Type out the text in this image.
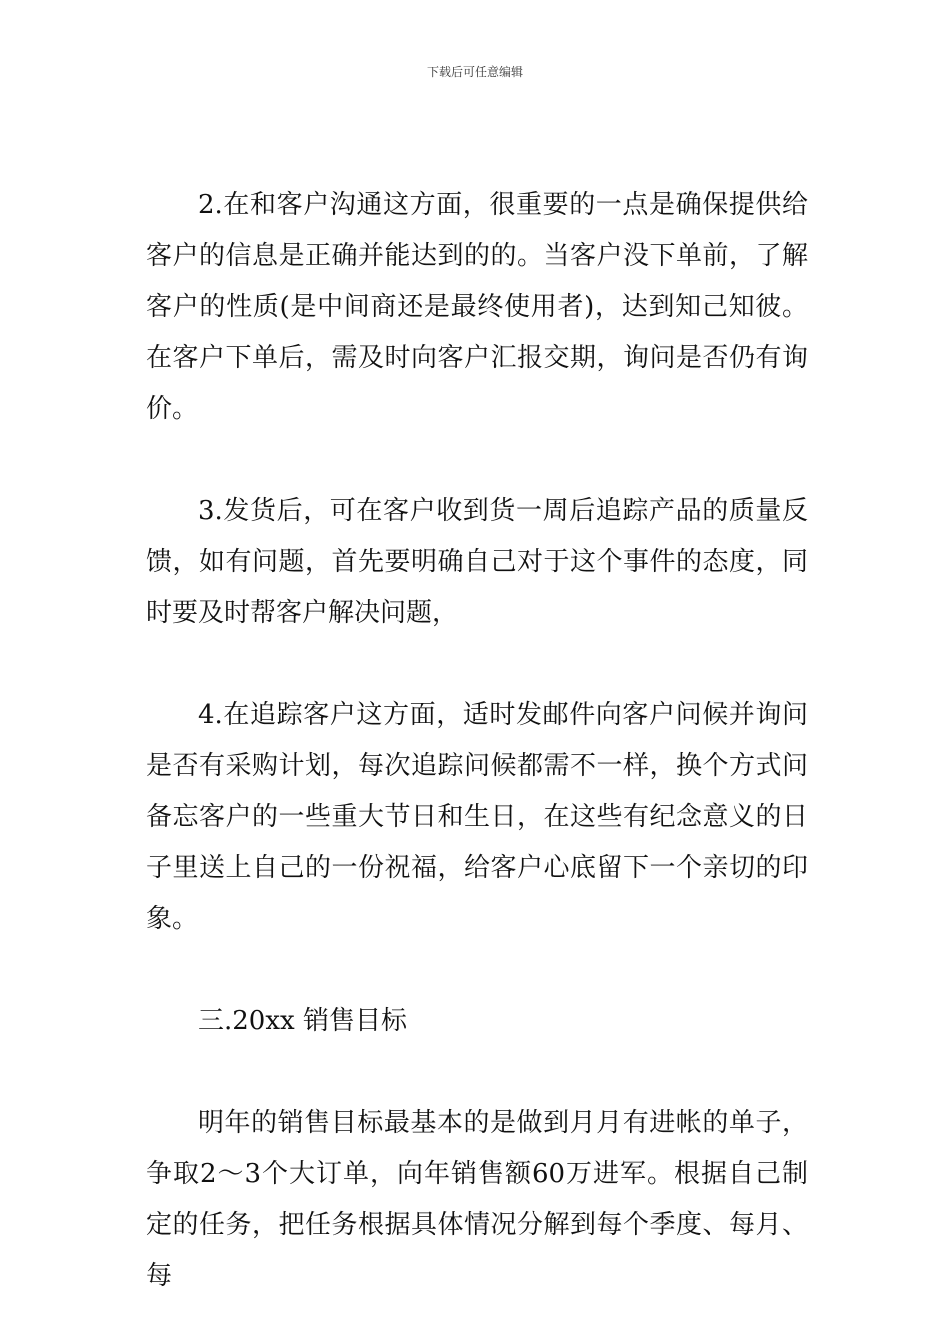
下载后可任意编辑

2.在和客户沟通这方面，很重要的一点是确保提供给客户的信息是正确并能达到的的。当客户没下单前，了解客户的性质(是中间商还是最终使用者)，达到知己知彼。在客户下单后，需及时向客户汇报交期，询问是否仍有询价。

3.发货后，可在客户收到货一周后追踪产品的质量反馈，如有问题，首先要明确自己对于这个事件的态度，同时要及时帮客户解决问题，

4.在追踪客户这方面，适时发邮件向客户问候并询问是否有采购计划，每次追踪问候都需不一样，换个方式问备忘客户的一些重大节日和生日，在这些有纪念意义的日子里送上自己的一份祝福，给客户心底留下一个亲切的印象。

三.20xx 销售目标

明年的销售目标最基本的是做到月月有进帐的单子，争取2～3个大订单，向年销售额60万进军。根据自己制定的任务，把任务根据具体情况分解到每个季度、每月、每
